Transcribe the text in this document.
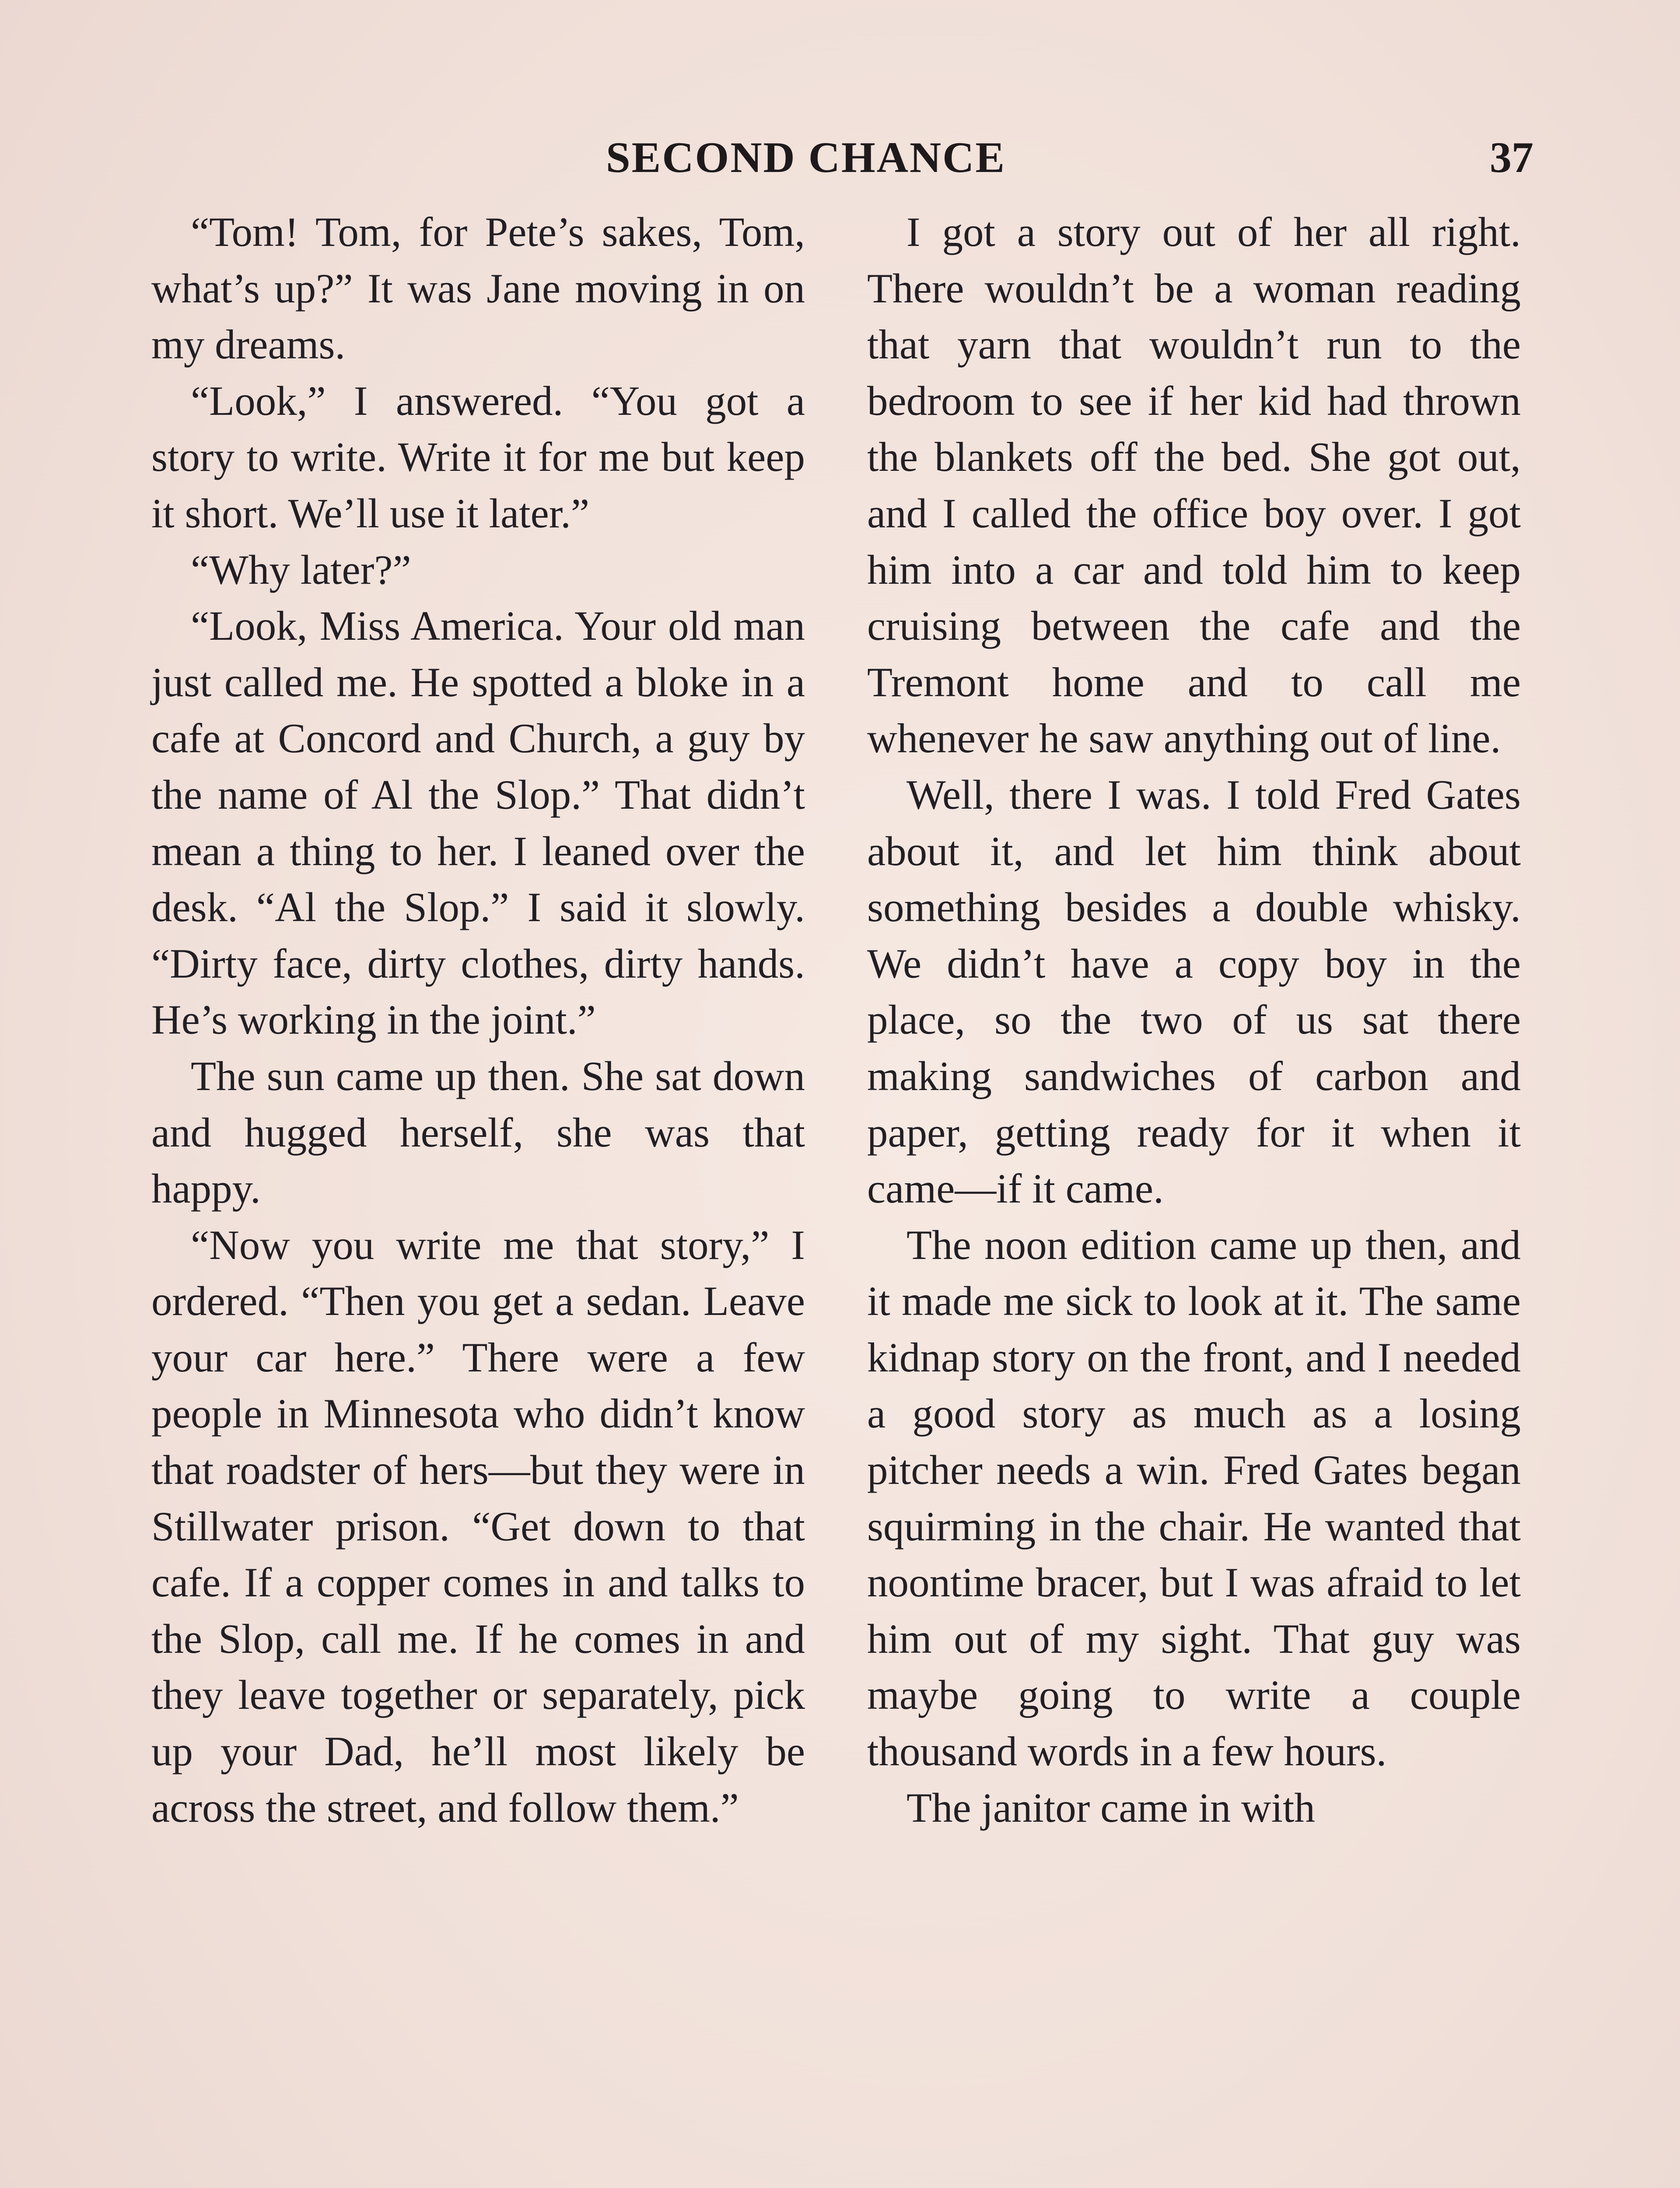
SECOND CHANCE	37

“Tom! Tom, for Pete’s sakes, Tom, what’s up?” It was Jane moving in on my dreams.

“Look,” I answered. “You got a story to write. Write it for me but keep it short. We’ll use it later.”

“Why later?”

“Look, Miss America. Your old man just called me. He spotted a bloke in a cafe at Concord and Church, a guy by the name of Al the Slop.” That didn’t mean a thing to her. I leaned over the desk. “Al the Slop.” I said it slowly. “Dirty face, dirty clothes, dirty hands. He’s working in the joint.”

The sun came up then. She sat down and hugged herself, she was that happy.

“Now you write me that story,” I ordered. “Then you get a sedan. Leave your car here.” There were a few people in Minnesota who didn’t know that roadster of hers—but they were in Stillwater prison. “Get down to that cafe. If a copper comes in and talks to the Slop, call me. If he comes in and they leave together or separately, pick up your Dad, he’ll most likely be across the street, and follow them.”

I got a story out of her all right. There wouldn’t be a woman reading that yarn that wouldn’t run to the bedroom to see if her kid had thrown the blankets off the bed. She got out, and I called the office boy over. I got him into a car and told him to keep cruising between the cafe and the Tremont home and to call me whenever he saw anything out of line.

Well, there I was. I told Fred Gates about it, and let him think about something besides a double whisky. We didn’t have a copy boy in the place, so the two of us sat there making sandwiches of carbon and paper, getting ready for it when it came—if it came.

The noon edition came up then, and it made me sick to look at it. The same kidnap story on the front, and I needed a good story as much as a losing pitcher needs a win. Fred Gates began squirming in the chair. He wanted that noontime bracer, but I was afraid to let him out of my sight. That guy was maybe going to write a couple thousand words in a few hours.

The janitor came in with
